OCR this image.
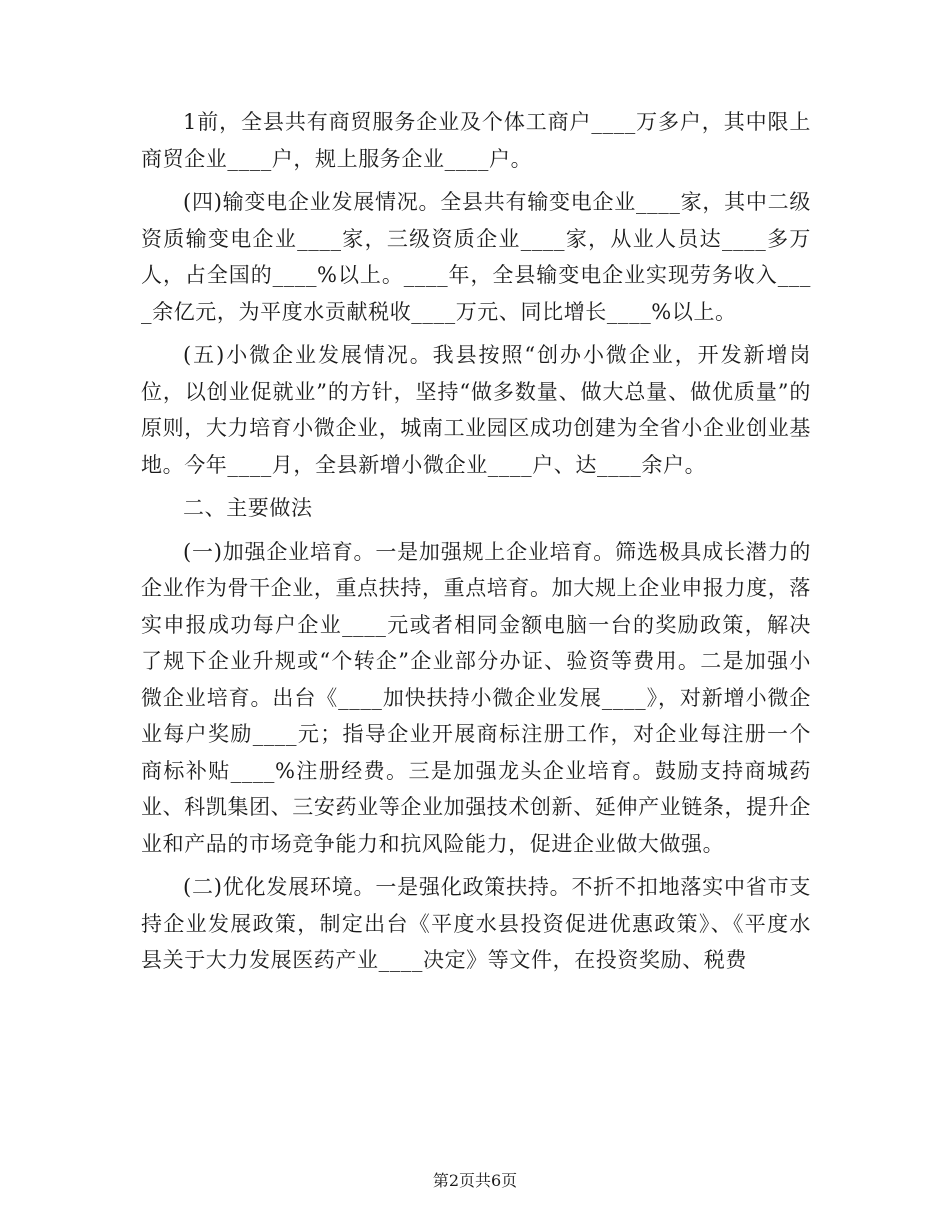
1前，全县共有商贸服务企业及个体工商户____万多户，其中限上商贸企业____户，规上服务企业____户。

(四)输变电企业发展情况。全县共有输变电企业____家，其中二级资质输变电企业____家，三级资质企业____家，从业人员达____多万人，占全国的____%以上。____年，全县输变电企业实现劳务收入____余亿元，为平度水贡献税收____万元、同比增长____%以上。

(五)小微企业发展情况。我县按照“创办小微企业，开发新增岗位，以创业促就业”的方针，坚持“做多数量、做大总量、做优质量”的原则，大力培育小微企业，城南工业园区成功创建为全省小企业创业基地。今年____月，全县新增小微企业____户、达____余户。

二、主要做法

(一)加强企业培育。一是加强规上企业培育。筛选极具成长潜力的企业作为骨干企业，重点扶持，重点培育。加大规上企业申报力度，落实申报成功每户企业____元或者相同金额电脑一台的奖励政策，解决了规下企业升规或“个转企”企业部分办证、验资等费用。二是加强小微企业培育。出台《____加快扶持小微企业发展____》，对新增小微企业每户奖励____元；指导企业开展商标注册工作，对企业每注册一个商标补贴____%注册经费。三是加强龙头企业培育。鼓励支持商城药业、科凯集团、三安药业等企业加强技术创新、延伸产业链条，提升企业和产品的市场竞争能力和抗风险能力，促进企业做大做强。

(二)优化发展环境。一是强化政策扶持。不折不扣地落实中省市支持企业发展政策，制定出台《平度水县投资促进优惠政策》、《平度水县关于大力发展医药产业____决定》等文件，在投资奖励、税费

第2页共6页
